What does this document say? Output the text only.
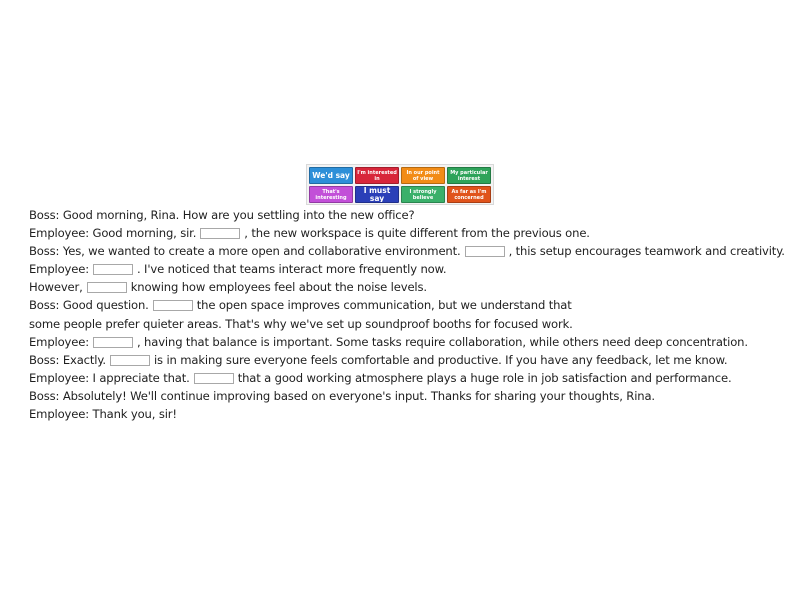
We'd say I'm interested in
In our point of view
My particular interest
That's interesting
I must say
I strongly believe
As far as I'm concerned
Boss: Good morning, Rina. How are you settling into the new office?
Employee: Good morning, sir.	, the new workspace is quite different from the previous one.
Boss: Yes, we wanted to create a more open and collaborative environment.	, this setup encourages teamwork and creativity.
Employee:	. I've noticed that teams interact more frequently now.
However,	knowing how employees feel about the noise levels.
Boss: Good question.	the open space improves communication, but we understand that
some people prefer quieter areas. That's why we've set up soundproof booths for focused work.
Employee:	, having that balance is important. Some tasks require collaboration, while others need deep concentration.
Boss: Exactly.	is in making sure everyone feels comfortable and productive. If you have any feedback, let me know.
Employee: I appreciate that.	that a good working atmosphere plays a huge role in job satisfaction and performance.
Boss: Absolutely! We'll continue improving based on everyone's input. Thanks for sharing your thoughts, Rina.
Employee: Thank you, sir!
